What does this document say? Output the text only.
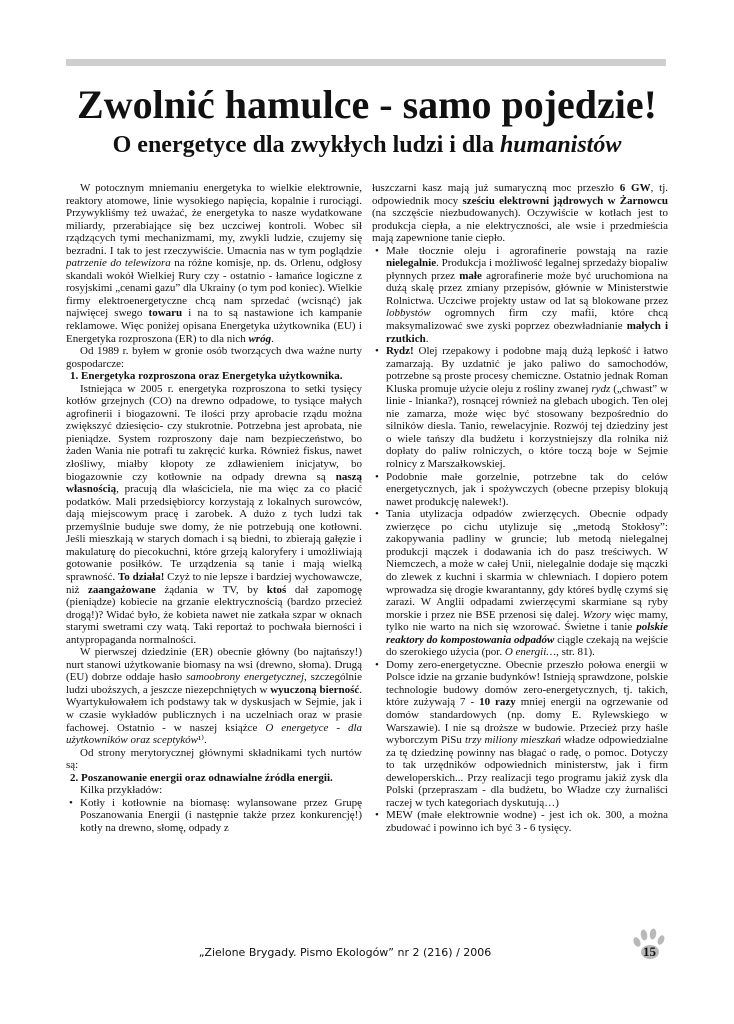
Zwolnić hamulce - samo pojedzie!
O energetyce dla zwykłych ludzi i dla humanistów

W potocznym mniemaniu energetyka to wielkie elektrownie, reaktory atomowe, linie wysokiego napięcia, kopalnie i rurociągi. Przywykliśmy też uważać, że energetyka to nasze wydatkowane miliardy, przerabiające się bez uczciwej kontroli. Wobec sił rządzących tymi mechanizmami, my, zwykli ludzie, czujemy się bezradni. I tak to jest rzeczywiście. Umacnia nas w tym poglądzie patrzenie do telewizora na różne komisje, np. ds. Orlenu, odgłosy skandali wokół Wielkiej Rury czy - ostatnio - łamańce logiczne z rosyjskimi „cenami gazu” dla Ukrainy (o tym pod koniec). Wielkie firmy elektroenergetyczne chcą nam sprzedać (wcisnąć) jak najwięcej swego towaru i na to są nastawione ich kampanie reklamowe. Więc poniżej opisana Energetyka użytkownika (EU) i Energetyka rozproszona (ER) to dla nich wróg.

Od 1989 r. byłem w gronie osób tworzących dwa ważne nurty gospodarcze:

1. Energetyka rozproszona oraz Energetyka użytkownika.

Istniejąca w 2005 r. energetyka rozproszona to setki tysięcy kotłów grzejnych (CO) na drewno odpadowe, to tysiące małych agrofinerii i biogazowni. Te ilości przy aprobacie rządu można zwiększyć dziesięcio- czy stukrotnie. Potrzebna jest aprobata, nie pieniądze. System rozproszony daje nam bezpieczeństwo, bo żaden Wania nie potrafi tu zakręcić kurka. Również fiskus, nawet złośliwy, miałby kłopoty ze zdławieniem inicjatyw, bo biogazownie czy kotłownie na odpady drewna są naszą własnością, pracują dla właściciela, nie ma więc za co płacić podatków. Mali przedsiębiorcy korzystają z lokalnych surowców, dają miejscowym pracę i zarobek. A dużo z tych ludzi tak przemyślnie buduje swe domy, że nie potrzebują one kotłowni. Jeśli mieszkają w starych domach i są biedni, to zbierają gałęzie i makulaturę do piecokuchni, które grzeją kaloryfery i umożliwiają gotowanie posiłków. Te urządzenia są tanie i mają wielką sprawność. To działa! Czyż to nie lepsze i bardziej wychowawcze, niż zaangażowane żądania w TV, by ktoś dał zapomogę (pieniądze) kobiecie na grzanie elektrycznością (bardzo przecież drogą!)? Widać było, że kobieta nawet nie zatkała szpar w oknach starymi swetrami czy watą. Taki reportaż to pochwała bierności i antypropaganda normalności.

W pierwszej dziedzinie (ER) obecnie główny (bo najtańszy!) nurt stanowi użytkowanie biomasy na wsi (drewno, słoma). Drugą (EU) dobrze oddaje hasło samoobrony energetycznej, szczególnie ludzi uboższych, a jeszcze niezepchniętych w wyuczoną bierność. Wyartykułowałem ich podstawy tak w dyskusjach w Sejmie, jak i w czasie wykładów publicznych i na uczelniach oraz w prasie fachowej. Ostatnio - w naszej książce O energetyce - dla użytkowników oraz sceptyków¹⁾.

Od strony merytorycznej głównymi składnikami tych nurtów są:

2. Poszanowanie energii oraz odnawialne źródła energii.

Kilka przykładów:

• Kotły i kotłownie na biomasę: wylansowane przez Grupę Poszanowania Energii (i następnie także przez konkurencję!) kotły na drewno, słomę, odpady z

łuszczarni kasz mają już sumaryczną moc przeszło 6 GW, tj. odpowiednik mocy sześciu elektrowni jądrowych w Żarnowcu (na szczęście niezbudowanych). Oczywiście w kotłach jest to produkcja ciepła, a nie elektryczności, ale wsie i przedmieścia mają zapewnione tanie ciepło.

• Małe tłocznie oleju i agrorafinerie powstają na razie nielegalnie. Produkcja i możliwość legalnej sprzedaży biopaliw płynnych przez małe agrorafinerie może być uruchomiona na dużą skalę przez zmiany przepisów, głównie w Ministerstwie Rolnictwa. Uczciwe projekty ustaw od lat są blokowane przez lobbystów ogromnych firm czy mafii, które chcą maksymalizować swe zyski poprzez obezwładnianie małych i rzutkich.
• Rydz! Olej rzepakowy i podobne mają dużą lepkość i łatwo zamarzają. By uzdatnić je jako paliwo do samochodów, potrzebne są proste procesy chemiczne. Ostatnio jednak Roman Kluska promuje użycie oleju z rośliny zwanej rydz („chwast” w linie - lnianka?), rosnącej również na glebach ubogich. Ten olej nie zamarza, może więc być stosowany bezpośrednio do silników diesla. Tanio, rewelacyjnie. Rozwój tej dziedziny jest o wiele tańszy dla budżetu i korzystniejszy dla rolnika niż dopłaty do paliw rolniczych, o które toczą boje w Sejmie rolnicy z Marszałkowskiej.
• Podobnie małe gorzelnie, potrzebne tak do celów energetycznych, jak i spożywczych (obecne przepisy blokują nawet produkcję nalewek!).
• Tania utylizacja odpadów zwierzęcych. Obecnie odpady zwierzęce po cichu utylizuje się „metodą Stokłosy”: zakopywania padliny w gruncie; lub metodą nielegalnej produkcji mączek i dodawania ich do pasz treściwych. W Niemczech, a może w całej Unii, nielegalnie dodaje się mączki do zlewek z kuchni i skarmia w chlewniach. I dopiero potem wprowadza się drogie kwarantanny, gdy któreś bydlę czymś się zarazi. W Anglii odpadami zwierzęcymi skarmiane są ryby morskie i przez nie BSE przenosi się dalej. Wzory więc mamy, tylko nie warto na nich się wzorować. Świetne i tanie polskie reaktory do kompostowania odpadów ciągle czekają na wejście do szerokiego użycia (por. O energii…, str. 81).
• Domy zero-energetyczne. Obecnie przeszło połowa energii w Polsce idzie na grzanie budynków! Istnieją sprawdzone, polskie technologie budowy domów zero-energetycznych, tj. takich, które zużywają 7 - 10 razy mniej energii na ogrzewanie od domów standardowych (np. domy E. Rylewskiego w Warszawie). I nie są droższe w budowie. Przecież przy haśle wyborczym PiSu trzy miliony mieszkań władze odpowiedzialne za tę dziedzinę powinny nas błagać o radę, o pomoc. Dotyczy to tak urzędników odpowiednich ministerstw, jak i firm deweloperskich... Przy realizacji tego programu jakiż zysk dla Polski (przepraszam - dla budżetu, bo Władze czy żurnaliści raczej w tych kategoriach dyskutują…)
• MEW (małe elektrownie wodne) - jest ich ok. 300, a można zbudować i powinno ich być 3 - 6 tysięcy.
„Zielone Brygady. Pismo Ekologów” nr 2 (216) / 2006	15
